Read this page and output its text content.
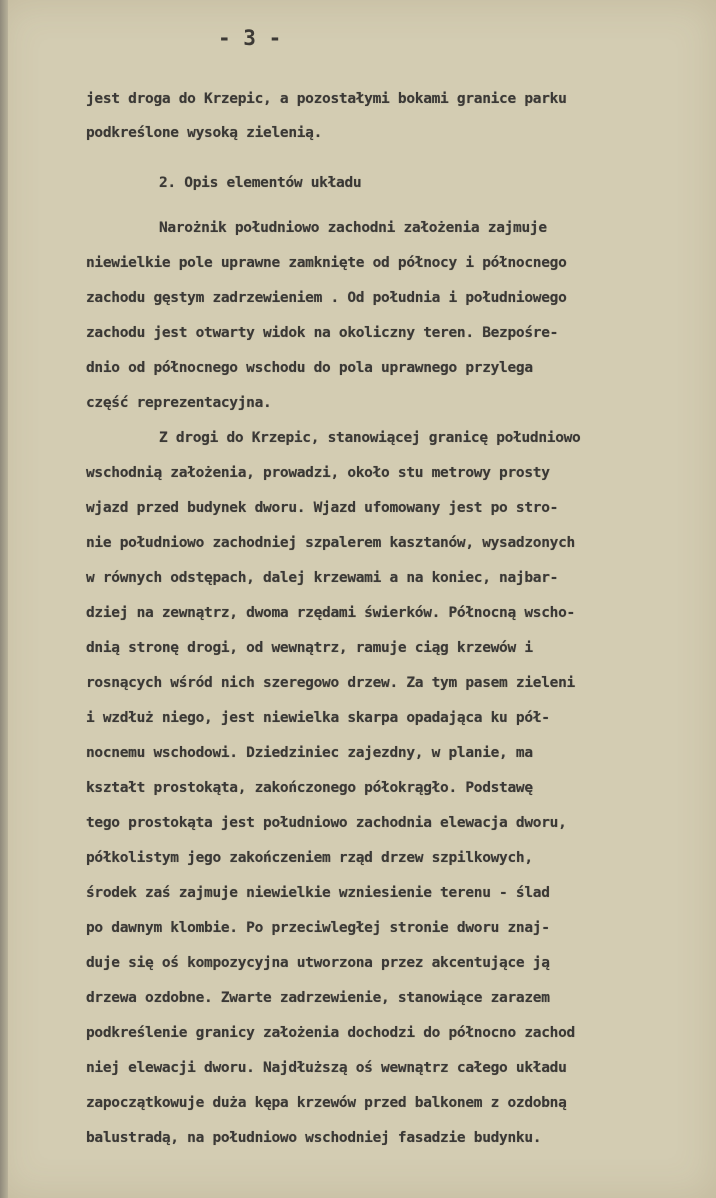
- 3 -
jest droga do Krzepic, a pozostałymi bokami granice parku
podkreślone wysoką zielenią.
2. Opis elementów układu
Narożnik południowo zachodni założenia zajmuje
niewielkie pole uprawne zamknięte od północy i północnego
zachodu gęstym zadrzewieniem . Od południa i południowego
zachodu jest otwarty widok na okoliczny teren. Bezpośre-
dnio od północnego wschodu do pola uprawnego przylega
część reprezentacyjna.
Z drogi do Krzepic, stanowiącej granicę południowo
wschodnią założenia, prowadzi, około stu metrowy prosty
wjazd przed budynek dworu. Wjazd ufomowany jest po stro-
nie południowo zachodniej szpalerem kasztanów, wysadzonych
w równych odstępach, dalej krzewami a na koniec, najbar-
dziej na zewnątrz, dwoma rzędami świerków. Północną wscho-
dnią stronę drogi, od wewnątrz, ramuje ciąg krzewów i
rosnących wśród nich szeregowo drzew. Za tym pasem zieleni
i wzdłuż niego, jest niewielka skarpa opadająca ku pół-
nocnemu wschodowi. Dziedziniec zajezdny, w planie, ma
kształt prostokąta, zakończonego półokrągło. Podstawę
tego prostokąta jest południowo zachodnia elewacja dworu,
półkolistym jego zakończeniem rząd drzew szpilkowych,
środek zaś zajmuje niewielkie wzniesienie terenu - ślad
po dawnym klombie. Po przeciwległej stronie dworu znaj-
duje się oś kompozycyjna utworzona przez akcentujące ją
drzewa ozdobne. Zwarte zadrzewienie, stanowiące zarazem
podkreślenie granicy założenia dochodzi do północno zachod
niej elewacji dworu. Najdłuższą oś wewnątrz całego układu
zapoczątkowuje duża kępa krzewów przed balkonem z ozdobną
balustradą, na południowo wschodniej fasadzie budynku.
